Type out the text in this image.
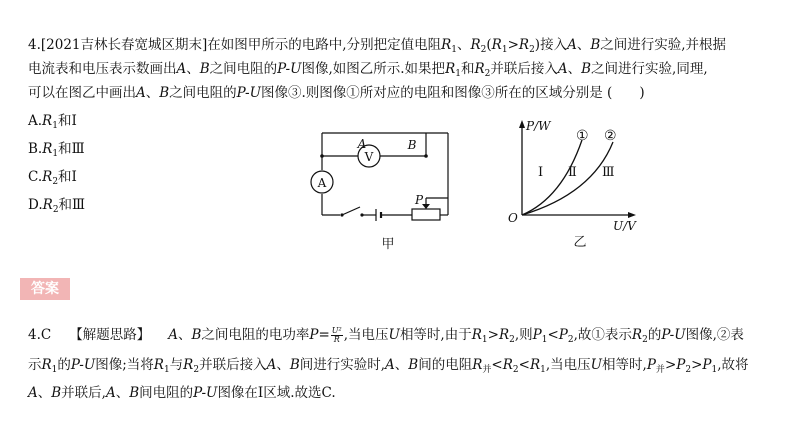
4.[2021吉林长春宽城区期末]在如图甲所示的电路中,分别把定值电阻$R_1$、$R_2(R_1>R_2)$接入A、B之间进行实验,并根据
电流表和电压表示数画出A、B之间电阻的P-U图像,如图乙所示.如果把$R_1$和$R_2$并联后接入A、B之间进行实验,同理,
可以在图乙中画出A、B之间电阻的P-U图像③.则图像①所对应的电阻和图像③所在的区域分别是 (　　)
$A.R_1$和Ⅰ
$B.R_1$和Ⅲ
$C.R_2$和Ⅰ
$D.R_2$和Ⅲ
V
A
A	B
P
甲
P/W
U/V
O
① ②
Ⅰ Ⅱ Ⅲ
乙
答案
4.C 【解题思路】 A、B之间电阻的电功率$P= \frac{\text{U²}}{R}$ ,当电压U相等时,由于$R_1>R_2$,则$P_1<P_2$,故①表示$R_2$的P-U图像,②表
示$R_1$的P-U图像;当将$R_1$与$R_2$并联后接入A、B间进行实验时,A、B间的电阻$R_并<R_2<R_1$,当电压U相等时$,P_并>P_2>P_1$,故将
A、B并联后,A、B间电阻的P-U图像在Ⅰ区域.故选C.
